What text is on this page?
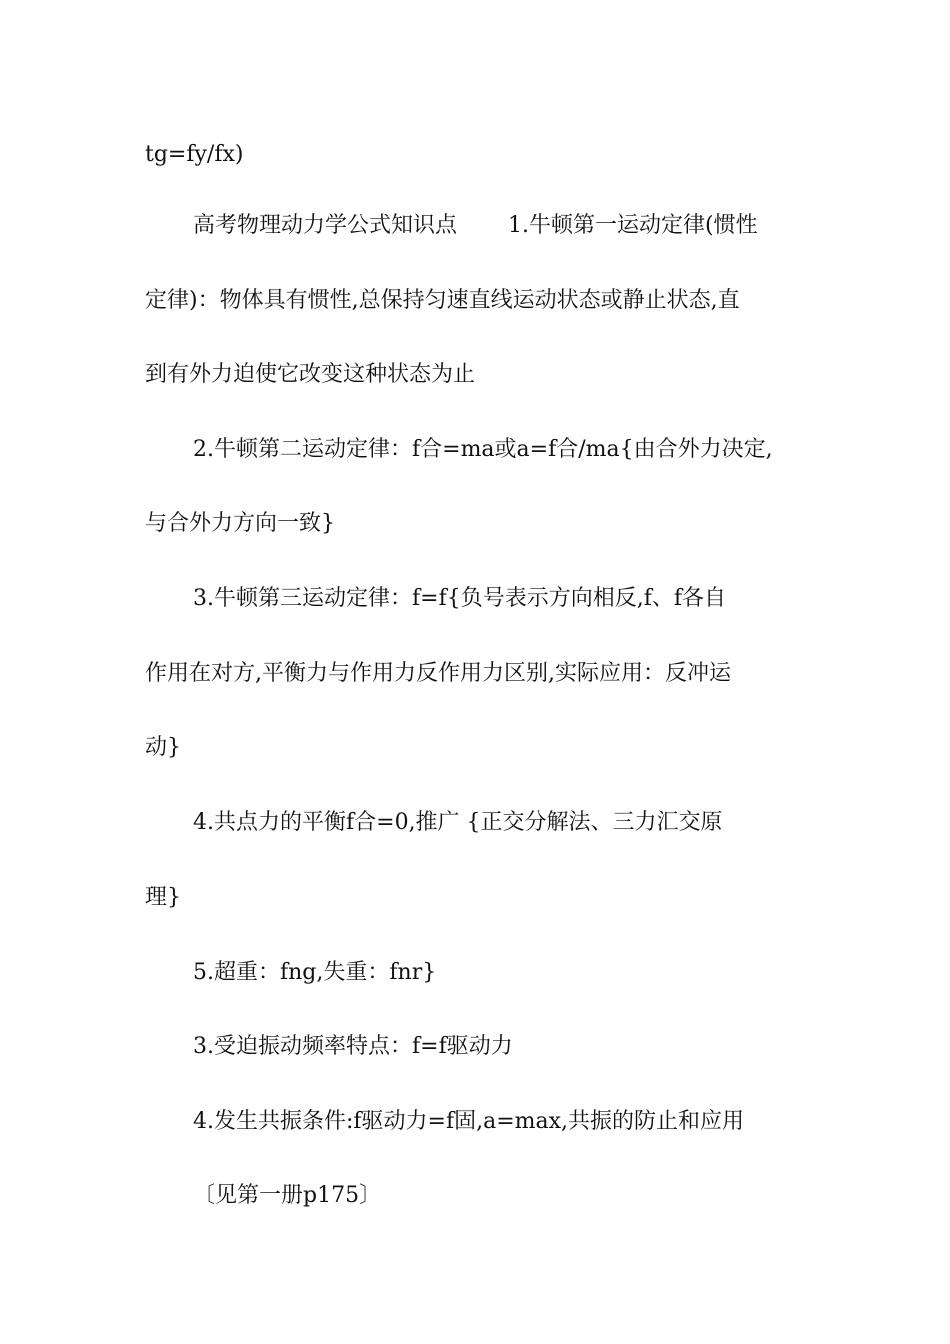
tg=fy/fx)
高考物理动力学公式知识点　　 1.牛顿第一运动定律(惯性
定律)：物体具有惯性,总保持匀速直线运动状态或静止状态,直
到有外力迫使它改变这种状态为止
2.牛顿第二运动定律：f合=ma或a=f合/ma{由合外力决定,
与合外力方向一致}
3.牛顿第三运动定律：f=f{负号表示方向相反,f、f各自
作用在对方,平衡力与作用力反作用力区别,实际应用：反冲运
动}
4.共点力的平衡f合=0,推广 {正交分解法、三力汇交原
理}
5.超重：fng,失重：fnr}
3.受迫振动频率特点：f=f驱动力
4.发生共振条件:f驱动力=f固,a=max,共振的防止和应用
〔见第一册p175〕
